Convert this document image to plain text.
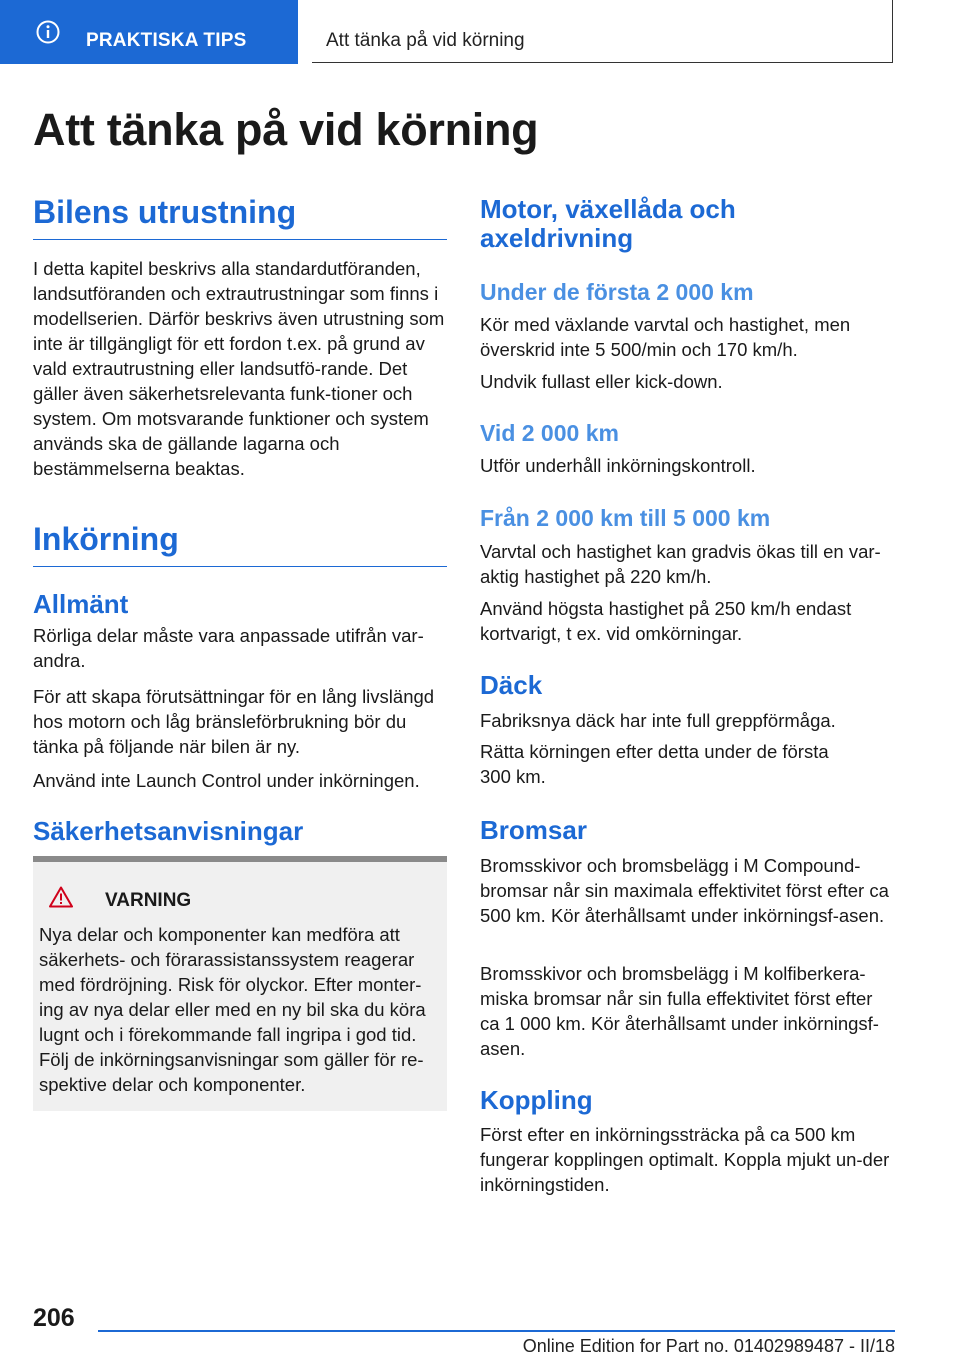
PRAKTISKA TIPS	Att tänka på vid körning
Att tänka på vid körning
Bilens utrustning

I detta kapitel beskrivs alla standardutföranden, landsutföranden och extrautrustningar som finns i modellserien. Därför beskrivs även utrustning som inte är tillgängligt för ett fordon t.ex. på grund av vald extrautrustning eller landsutfö-rande. Det gäller även säkerhetsrelevanta funk-tioner och system. Om motsvarande funktioner och system används ska de gällande lagarna och bestämmelserna beaktas.

Inkörning
Allmänt

Rörliga delar måste vara anpassade utifrån var-andra.

För att skapa förutsättningar för en lång livslängd hos motorn och låg bränsleförbrukning bör du tänka på följande när bilen är ny.

Använd inte Launch Control under inkörningen.

Säkerhetsanvisningar
VARNING

Nya delar och komponenter kan medföra att säkerhets- och förarassistanssystem reagerar med fördröjning. Risk för olyckor. Efter monter-ing av nya delar eller med en ny bil ska du köra lugnt och i förekommande fall ingripa i god tid. Följ de inkörningsanvisningar som gäller för re-spektive delar och komponenter.

Motor, växellåda och axeldrivning
Under de första 2 000 km

Kör med växlande varvtal och hastighet, men överskrid inte 5 500/min och 170 km/h.

Undvik fullast eller kick-down.

Vid 2 000 km

Utför underhåll inkörningskontroll.

Från 2 000 km till 5 000 km

Varvtal och hastighet kan gradvis ökas till en var-aktig hastighet på 220 km/h.

Använd högsta hastighet på 250 km/h endast kortvarigt, t ex. vid omkörningar.

Däck

Fabriksnya däck har inte full greppförmåga.

Rätta körningen efter detta under de första 300 km.

Bromsar

Bromsskivor och bromsbelägg i M Compound-bromsar når sin maximala effektivitet först efter ca 500 km. Kör återhållsamt under inkörningsf-asen.

Bromsskivor och bromsbelägg i M kolfiberkera-miska bromsar når sin fulla effektivitet först efter ca 1 000 km. Kör återhållsamt under inkörningsf-asen.

Koppling

Först efter en inkörningssträcka på ca 500 km fungerar kopplingen optimalt. Koppla mjukt un-der inkörningstiden.

206
Online Edition for Part no. 01402989487 - II/18
